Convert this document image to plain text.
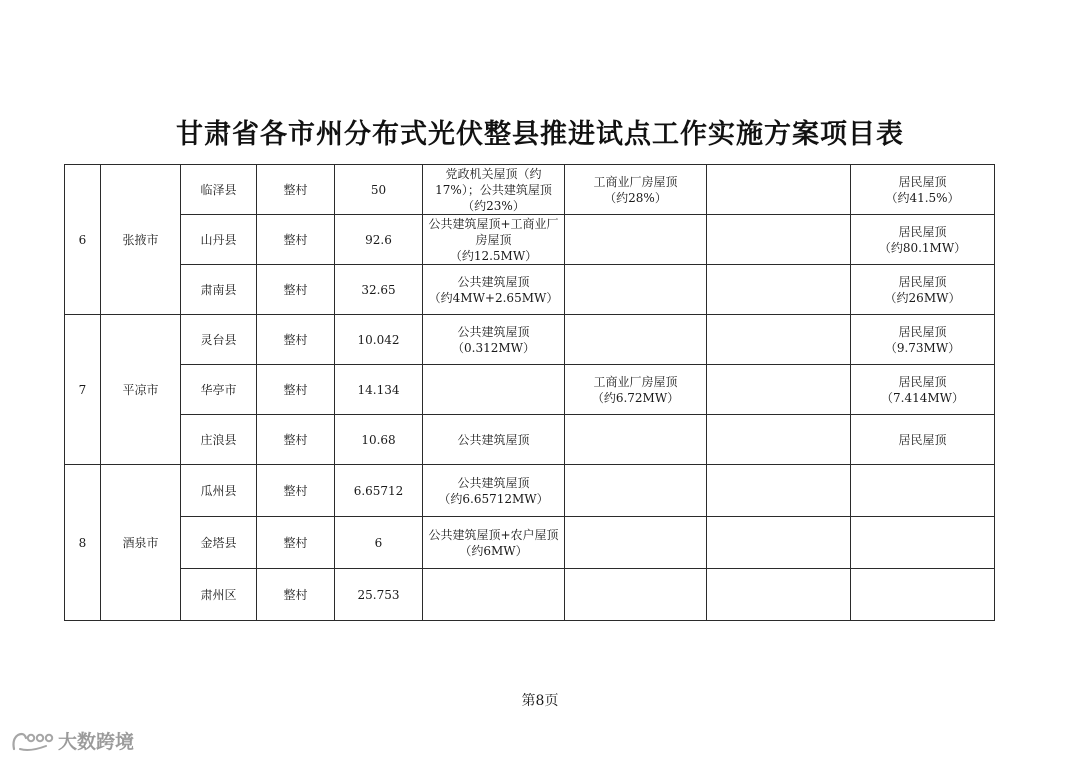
甘肃省各市州分布式光伏整县推进试点工作实施方案项目表
6	张掖市	临泽县	整村	50	党政机关屋顶（约17%）；公共建筑屋顶（约23%）	工商业厂房屋顶
（约28%）		居民屋顶
（约41.5%）
		山丹县	整村	92.6	公共建筑屋顶+工商业厂房屋顶
（约12.5MW）			居民屋顶
（约80.1MW）
		肃南县	整村	32.65	公共建筑屋顶
（约4MW+2.65MW）			居民屋顶
（约26MW）
7	平凉市	灵台县	整村	10.042	公共建筑屋顶
（0.312MW）			居民屋顶
（9.73MW）
		华亭市	整村	14.134		工商业厂房屋顶
（约6.72MW）		居民屋顶
（7.414MW）
		庄浪县	整村	10.68	公共建筑屋顶			居民屋顶
8	酒泉市	瓜州县	整村	6.65712	公共建筑屋顶
（约6.65712MW）			
		金塔县	整村	6	公共建筑屋顶+农户屋顶
（约6MW）			
		肃州区	整村	25.753				
第8页
大数跨境
